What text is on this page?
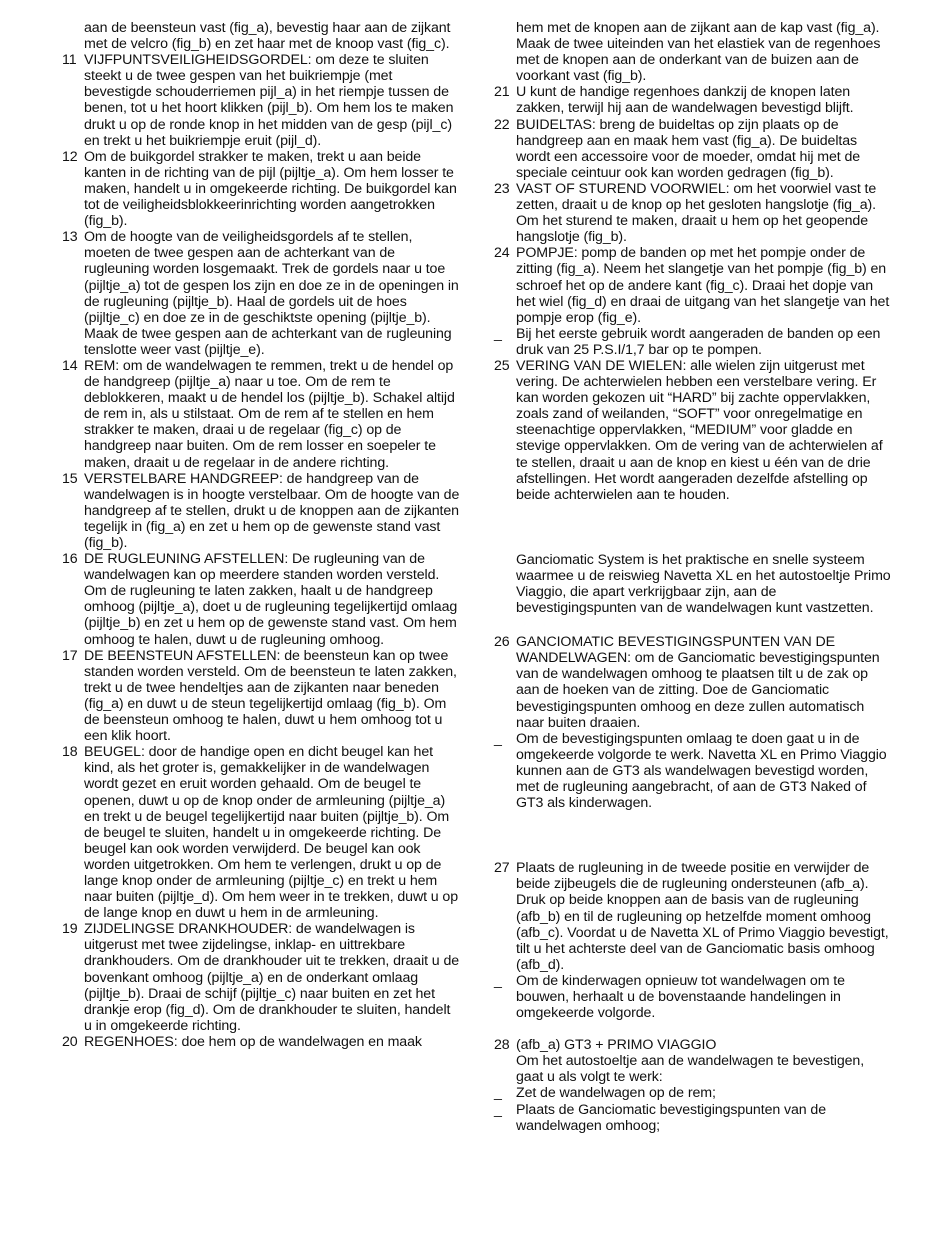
aan de beensteun vast (fig_a), bevestig haar aan de zijkant met de velcro (fig_b) en zet haar met de knoop vast (fig_c).

11 VIJFPUNTSVEILIGHEIDSGORDEL: om deze te sluiten steekt u de twee gespen van het buikriempje (met bevestigde schouderriemen pijl_a) in het riempje tussen de benen, tot u het hoort klikken (pijl_b). Om hem los te maken drukt u op de ronde knop in het midden van de gesp (pijl_c) en trekt u het buikriempje eruit (pijl_d).
12 Om de buikgordel strakker te maken, trekt u aan beide kanten in de richting van de pijl (pijltje_a). Om hem losser te maken, handelt u in omgekeerde richting. De buikgordel kan tot de veiligheidsblokkeerinrichting worden aangetrokken (fig_b).
13 Om de hoogte van de veiligheidsgordels af te stellen, moeten de twee gespen aan de achterkant van de rugleuning worden losgemaakt. Trek de gordels naar u toe (pijltje_a) tot de gespen los zijn en doe ze in de openingen in de rugleuning (pijltje_b). Haal de gordels uit de hoes (pijltje_c) en doe ze in de geschiktste opening (pijltje_b). Maak de twee gespen aan de achterkant van de rugleuning tenslotte weer vast (pijltje_e).
14 REM: om de wandelwagen te remmen, trekt u de hendel op de handgreep (pijltje_a) naar u toe. Om de rem te deblokkeren, maakt u de hendel los (pijltje_b). Schakel altijd de rem in, als u stilstaat. Om de rem af te stellen en hem strakker te maken, draai u de regelaar (fig_c) op de handgreep naar buiten. Om de rem losser en soepeler te maken, draait u de regelaar in de andere richting.
15 VERSTELBARE HANDGREEP: de handgreep van de wandelwagen is in hoogte verstelbaar. Om de hoogte van de handgreep af te stellen, drukt u de knoppen aan de zijkanten tegelijk in (fig_a) en zet u hem op de gewenste stand vast (fig_b).
16 DE RUGLEUNING AFSTELLEN: De rugleuning van de wandelwagen kan op meerdere standen worden versteld. Om de rugleuning te laten zakken, haalt u de handgreep omhoog (pijltje_a), doet u de rugleuning tegelijkertijd omlaag (pijltje_b) en zet u hem op de gewenste stand vast. Om hem omhoog te halen, duwt u de rugleuning omhoog.
17 DE BEENSTEUN AFSTELLEN: de beensteun kan op twee standen worden versteld. Om de beensteun te laten zakken, trekt u de twee hendeltjes aan de zijkanten naar beneden (fig_a) en duwt u de steun tegelijkertijd omlaag (fig_b). Om de beensteun omhoog te halen, duwt u hem omhoog tot u een klik hoort.
18 BEUGEL: door de handige open en dicht beugel kan het kind, als het groter is, gemakkelijker in de wandelwagen wordt gezet en eruit worden gehaald. Om de beugel te openen, duwt u op de knop onder de armleuning (pijltje_a) en trekt u de beugel tegelijkertijd naar buiten (pijltje_b). Om de beugel te sluiten, handelt u in omgekeerde richting. De beugel kan ook worden verwijderd. De beugel kan ook worden uitgetrokken. Om hem te verlengen, drukt u op de lange knop onder de armleuning (pijltje_c) en trekt u hem naar buiten (pijltje_d). Om hem weer in te trekken, duwt u op de lange knop en duwt u hem in de armleuning.
19 ZIJDELINGSE DRANKHOUDER: de wandelwagen is uitgerust met twee zijdelingse, inklap- en uittrekbare drankhouders. Om de drankhouder uit te trekken, draait u de bovenkant omhoog (pijltje_a) en de onderkant omlaag (pijltje_b). Draai de schijf (pijltje_c) naar buiten en zet het drankje erop (fig_d). Om de drankhouder te sluiten, handelt u in omgekeerde richting.
20 REGENHOES: doe hem op de wandelwagen en maak

hem met de knopen aan de zijkant aan de kap vast (fig_a). Maak de twee uiteinden van het elastiek van de regenhoes met de knopen aan de onderkant van de buizen aan de voorkant vast (fig_b).

21 U kunt de handige regenhoes dankzij de knopen laten zakken, terwijl hij aan de wandelwagen bevestigd blijft.
22 BUIDELTAS: breng de buideltas op zijn plaats op de handgreep aan en maak hem vast (fig_a). De buideltas wordt een accessoire voor de moeder, omdat hij met de speciale ceintuur ook kan worden gedragen (fig_b).
23 VAST OF STUREND VOORWIEL: om het voorwiel vast te zetten, draait u de knop op het gesloten hangslotje (fig_a). Om het sturend te maken, draait u hem op het geopende hangslotje (fig_b).
24 POMPJE: pomp de banden op met het pompje onder de zitting (fig_a). Neem het slangetje van het pompje (fig_b) en schroef het op de andere kant (fig_c). Draai het dopje van het wiel (fig_d) en draai de uitgang van het slangetje van het pompje erop (fig_e).
_	Bij het eerste gebruik wordt aangeraden de banden op een druk van 25 P.S.I/1,7 bar op te pompen.
25 VERING VAN DE WIELEN: alle wielen zijn uitgerust met vering. De achterwielen hebben een verstelbare vering. Er kan worden gekozen uit “HARD” bij zachte oppervlakken, zoals zand of weilanden, “SOFT” voor onregelmatige en steenachtige oppervlakken, “MEDIUM” voor gladde en stevige oppervlakken. Om de vering van de achterwielen af te stellen, draait u aan de knop en kiest u één van de drie afstellingen. Het wordt aangeraden dezelfde afstelling op beide achterwielen aan te houden.

Ganciomatic System is het praktische en snelle systeem waarmee u de reiswieg Navetta XL en het autostoeltje Primo Viaggio, die apart verkrijgbaar zijn, aan de bevestigingspunten van de wandelwagen kunt vastzetten.

26 GANCIOMATIC BEVESTIGINGSPUNTEN VAN DE WANDELWAGEN: om de Ganciomatic bevestigingspunten van de wandelwagen omhoog te plaatsen tilt u de zak op aan de hoeken van de zitting. Doe de Ganciomatic bevestigingspunten omhoog en deze zullen automatisch naar buiten draaien.
_	Om de bevestigingspunten omlaag te doen gaat u in de omgekeerde volgorde te werk. Navetta XL en Primo Viaggio kunnen aan de GT3 als wandelwagen bevestigd worden, met de rugleuning aangebracht, of aan de GT3 Naked of GT3 als kinderwagen.
27 Plaats de rugleuning in de tweede positie en verwijder de beide zijbeugels die de rugleuning ondersteunen (afb_a). Druk op beide knoppen aan de basis van de rugleuning (afb_b) en til de rugleuning op hetzelfde moment omhoog (afb_c). Voordat u de Navetta XL of Primo Viaggio bevestigt, tilt u het achterste deel van de Ganciomatic basis omhoog (afb_d).
_	Om de kinderwagen opnieuw tot wandelwagen om te bouwen, herhaalt u de bovenstaande handelingen in omgekeerde volgorde.
28 (afb_a) GT3 + PRIMO VIAGGIO

Om het autostoeltje aan de wandelwagen te bevestigen, gaat u als volgt te werk:

_	Zet de wandelwagen op de rem;
_	Plaats de Ganciomatic bevestigingspunten van de wandelwagen omhoog;
